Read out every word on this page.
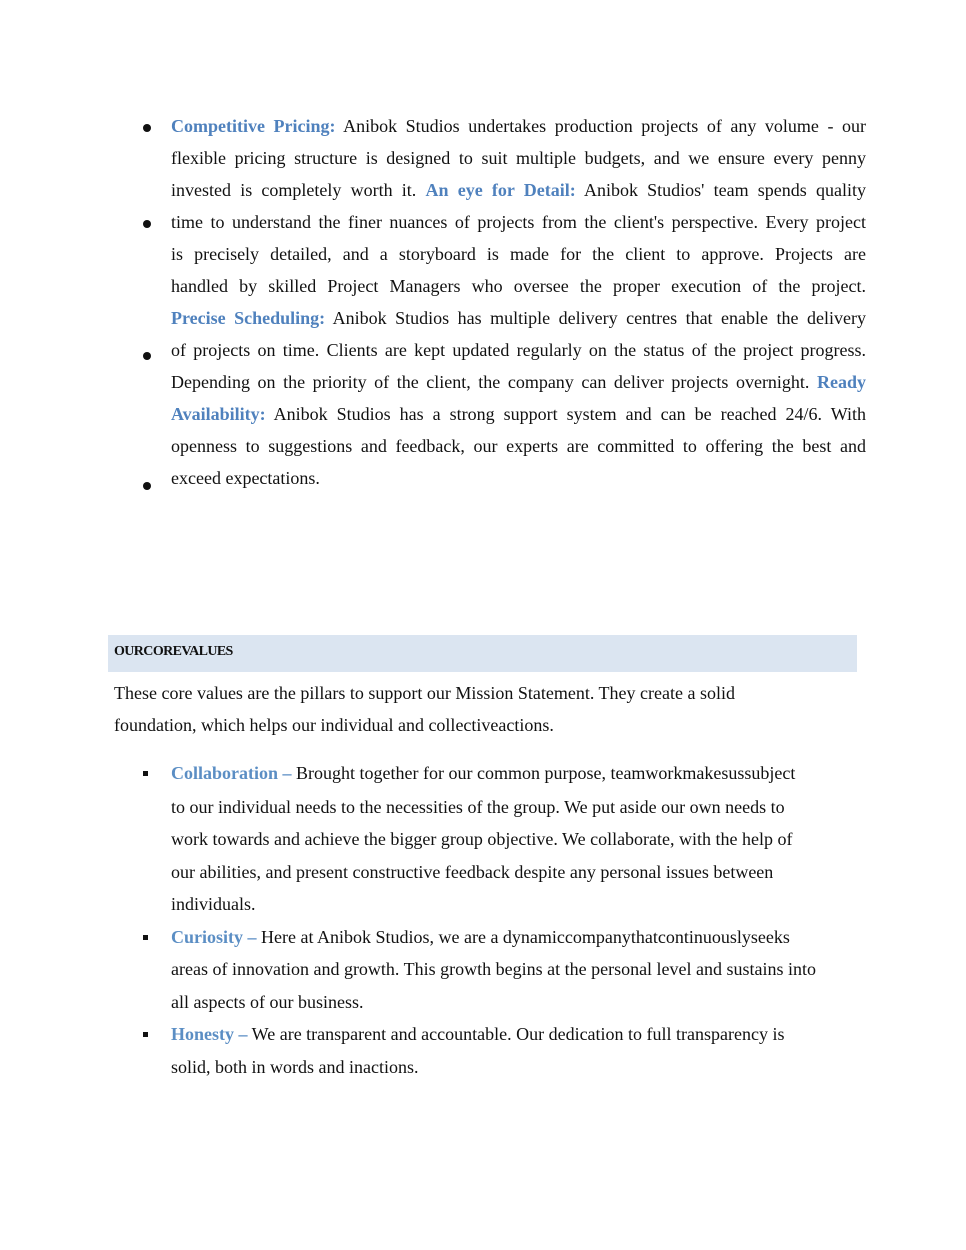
Competitive Pricing: Anibok Studios undertakes production projects of any volume - our
flexible pricing structure is designed to suit multiple budgets, and we ensure every penny
invested is completely worth it. An eye for Detail: Anibok Studios' team spends quality
time to understand the finer nuances of projects from the client's perspective. Every project
is precisely detailed, and a storyboard is made for the client to approve. Projects are
handled by skilled Project Managers who oversee the proper execution of the project.
Precise Scheduling: Anibok Studios has multiple delivery centres that enable the delivery
of projects on time. Clients are kept updated regularly on the status of the project progress.
Depending on the priority of the client, the company can deliver projects overnight. Ready
Availability: Anibok Studios has a strong support system and can be reached 24/6. With
openness to suggestions and feedback, our experts are committed to offering the best and
exceed expectations.
OURCOREVALUES
These core values are the pillars to support our Mission Statement. They create a solid
foundation, which helps our individual and collectiveactions.
Collaboration – Brought together for our common purpose, teamworkmakesussubject
to our individual needs to the necessities of the group. We put aside our own needs to
work towards and achieve the bigger group objective. We collaborate, with the help of
our abilities, and present constructive feedback despite any personal issues between
individuals.
Curiosity – Here at Anibok Studios, we are a dynamiccompanythatcontinuouslyseeks
areas of innovation and growth. This growth begins at the personal level and sustains into
all aspects of our business.
Honesty – We are transparent and accountable. Our dedication to full transparency is
solid, both in words and inactions.
